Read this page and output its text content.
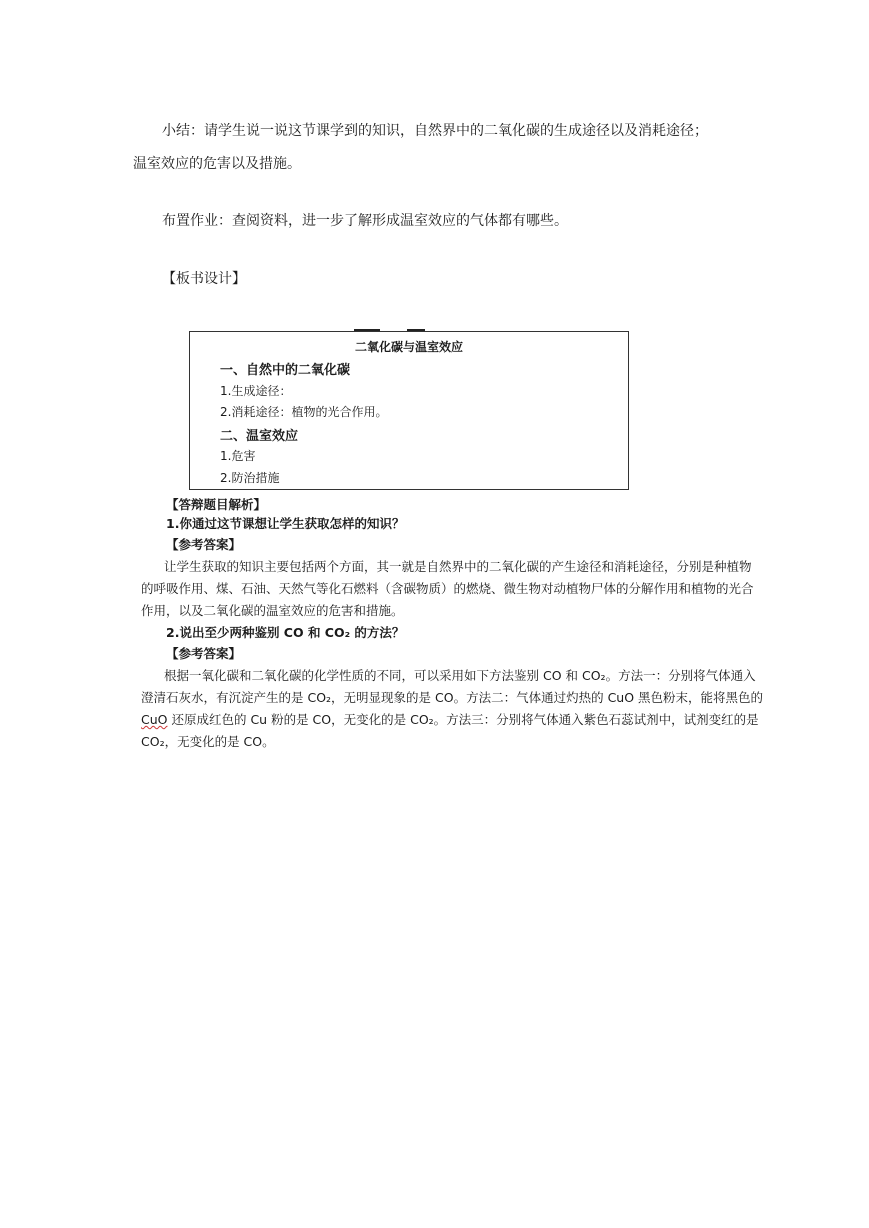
小结：请学生说一说这节课学到的知识，自然界中的二氧化碳的生成途径以及消耗途径；
温室效应的危害以及措施。
布置作业：查阅资料，进一步了解形成温室效应的气体都有哪些。
【板书设计】
二氧化碳与温室效应
一、自然中的二氧化碳
1.生成途径：
2.消耗途径：植物的光合作用。
二、温室效应
1.危害
2.防治措施
【答辩题目解析】
1.你通过这节课想让学生获取怎样的知识？
【参考答案】
让学生获取的知识主要包括两个方面，其一就是自然界中的二氧化碳的产生途径和消耗途径，分别是种植物
的呼吸作用、煤、石油、天然气等化石燃料（含碳物质）的燃烧、微生物对动植物尸体的分解作用和植物的光合
作用，以及二氧化碳的温室效应的危害和措施。
2.说出至少两种鉴别 CO 和 CO₂ 的方法？
【参考答案】
根据一氧化碳和二氧化碳的化学性质的不同，可以采用如下方法鉴别 CO 和 CO₂。方法一：分别将气体通入
澄清石灰水，有沉淀产生的是 CO₂，无明显现象的是 CO。方法二：气体通过灼热的 CuO 黑色粉末，能将黑色的
CuO 还原成红色的 Cu 粉的是 CO，无变化的是 CO₂。方法三：分别将气体通入紫色石蕊试剂中，试剂变红的是
CO₂，无变化的是 CO。
